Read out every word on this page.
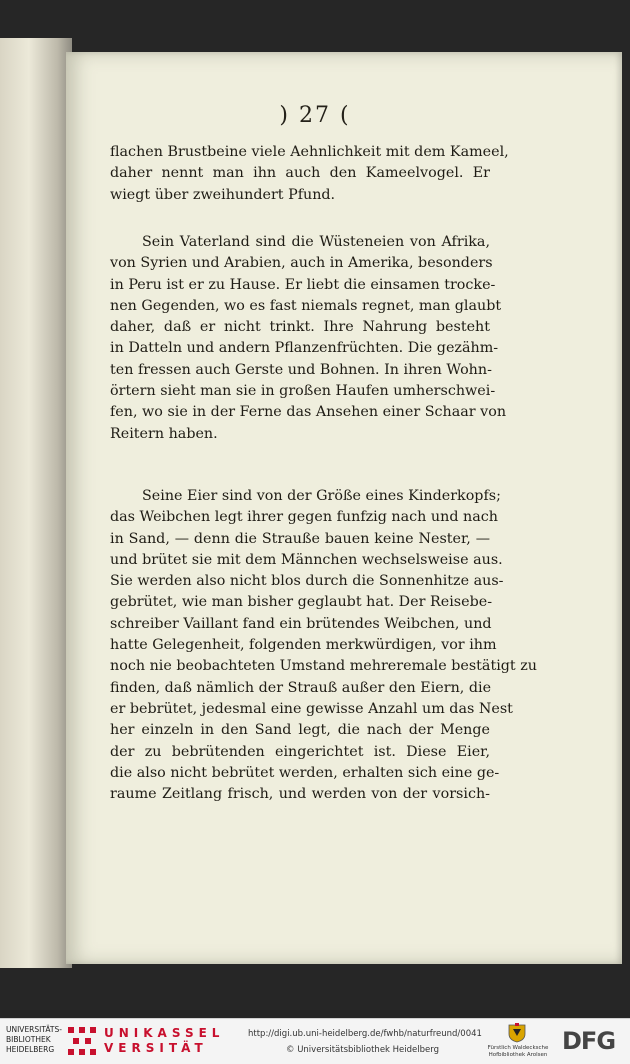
) 27 (
flachen Brustbeine viele Aehnlichkeit mit dem Kameel,
daher nennt man ihn auch den Kameelvogel. Er
wiegt über zweihundert Pfund.
Sein Vaterland sind die Wüsteneien von Afrika,
von Syrien und Arabien, auch in Amerika, besonders
in Peru ist er zu Hause. Er liebt die einsamen trocke-
nen Gegenden, wo es fast niemals regnet, man glaubt
daher, daß er nicht trinkt. Ihre Nahrung besteht
in Datteln und andern Pflanzenfrüchten. Die gezähm-
ten fressen auch Gerste und Bohnen. In ihren Wohn-
örtern sieht man sie in großen Haufen umherschwei-
fen, wo sie in der Ferne das Ansehen einer Schaar von
Reitern haben.
Seine Eier sind von der Größe eines Kinderkopfs;
das Weibchen legt ihrer gegen funfzig nach und nach
in Sand, — denn die Strauße bauen keine Nester, —
und brütet sie mit dem Männchen wechselsweise aus.
Sie werden also nicht blos durch die Sonnenhitze aus-
gebrütet, wie man bisher geglaubt hat. Der Reisebe-
schreiber Vaillant fand ein brütendes Weibchen, und
hatte Gelegenheit, folgenden merkwürdigen, vor ihm
noch nie beobachteten Umstand mehreremale bestätigt zu
finden, daß nämlich der Strauß außer den Eiern, die
er bebrütet, jedesmal eine gewisse Anzahl um das Nest
her einzeln in den Sand legt, die nach der Menge
der zu bebrütenden eingerichtet ist. Diese Eier,
die also nicht bebrütet werden, erhalten sich eine ge-
raume Zeitlang frisch, und werden von der vorsich-
UNIVERSITÄTS-
BIBLIOTHEK
HEIDELBERG
UNIKASSEL
VERSITÄT
http://digi.ub.uni-heidelberg.de/fwhb/naturfreund/0041
© Universitätsbibliothek Heidelberg	Fürstlich Waldecksche
Hofbibliothek Arolsen DFG
